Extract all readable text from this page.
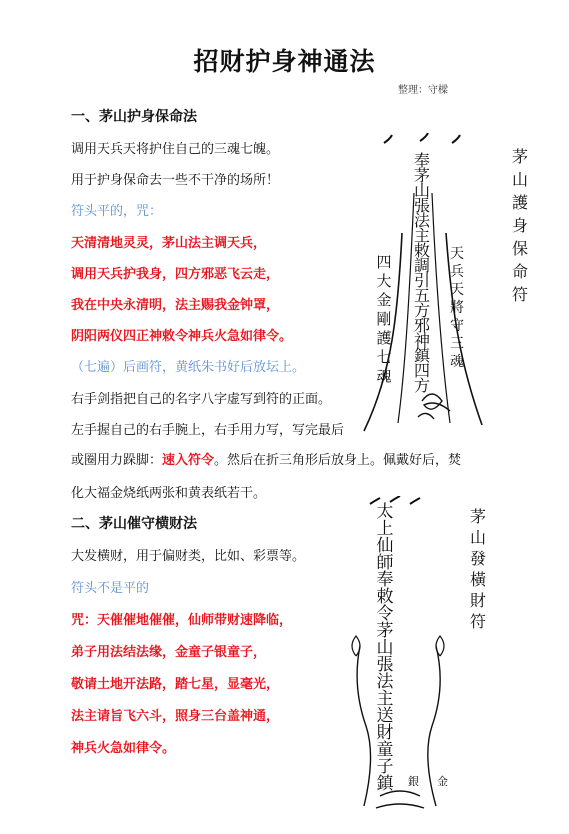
招财护身神通法
整理：守樑
一、茅山护身保命法
调用天兵天将护住自己的三魂七魄。
用于护身保命去一些不干净的场所！
符头平的，咒：
天清清地灵灵，茅山法主调天兵，
调用天兵护我身，四方邪恶飞云走，
我在中央永清明，法主赐我金钟罩，
阴阳两仪四正神敕令神兵火急如律令。
（七遍）后画符，黄纸朱书好后放坛上。
右手剑指把自己的名字八字虚写到符的正面。
左手握自己的右手腕上，右手用力写，写完最后
或圈用力跺脚：速入符令。然后在折三角形后放身上。佩戴好后，焚
化大福金烧纸两张和黄表纸若干。
二、茅山催守横财法
大发横财，用于偏财类，比如、彩票等。
符头不是平的
咒：天催催地催催，仙师带财速降临，
弟子用法结法缘，金童子银童子，
敬请土地开法路，踏七星，显毫光，
法主请旨飞六斗，照身三台盖神通，
神兵火急如律令。
奉
茅
山
張
法
主
敕
調
引
五
方
邪
神
鎮
四
方
四
大
金
剛
護
七
魂
天
兵
天
將
守
三
魂
茅
山
護
身
保
命
符
太
上
仙
師
奉
敕
令
茅
山
張
法
主
送
財
童
子
鎮	銀 金
茅
山
發
橫
財
符
